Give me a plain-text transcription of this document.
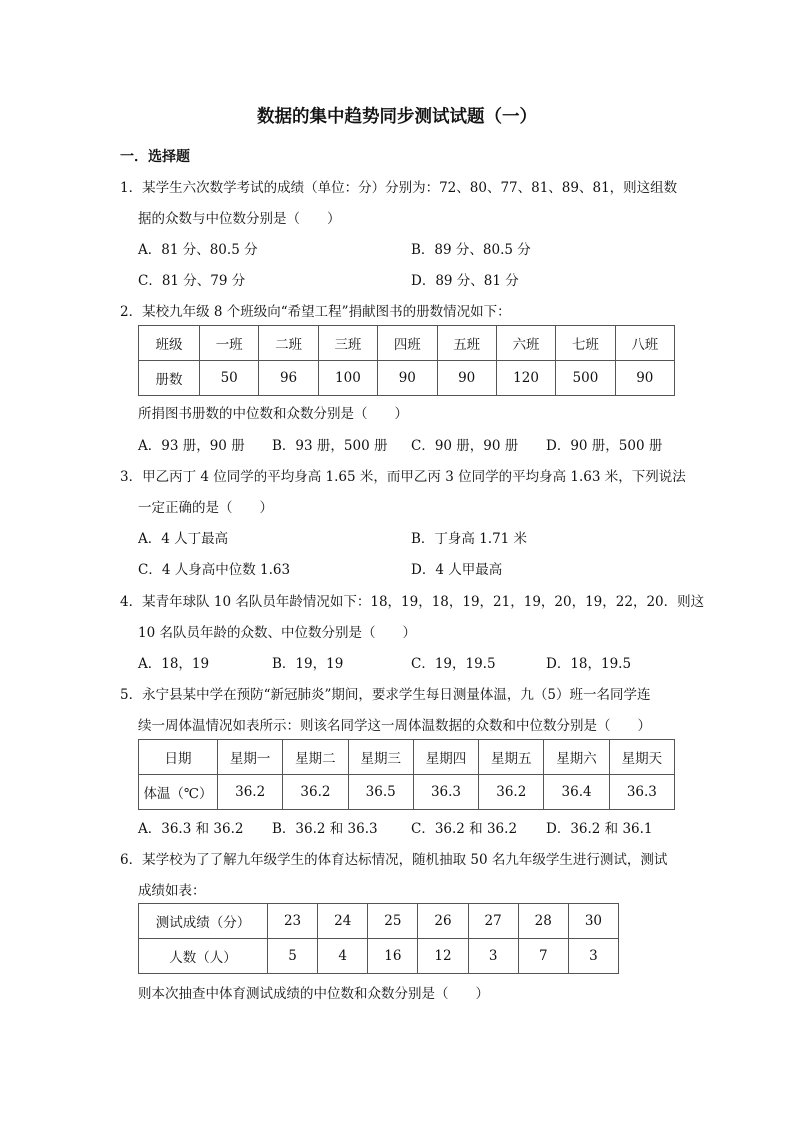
数据的集中趋势同步测试试题（一）
一．选择题
1．某学生六次数学考试的成绩（单位：分）分别为：72、80、77、81、89、81，则这组数
据的众数与中位数分别是（　　）
A．81 分、80.5 分	B．89 分、80.5 分
C．81 分、79 分	D．89 分、81 分
2．某校九年级 8 个班级向“希望工程”捐献图书的册数情况如下：
班级	一班	二班	三班	四班	五班	六班	七班	八班
册数	50	96	100	90	90	120	500	90
所捐图书册数的中位数和众数分别是（　　）
A．93 册，90 册 B．93 册，500 册 C．90 册，90 册 D．90 册，500 册
3．甲乙丙丁 4 位同学的平均身高 1.65 米，而甲乙丙 3 位同学的平均身高 1.63 米，下列说法
一定正确的是（　　）
A．4 人丁最高	B．丁身高 1.71 米
C．4 人身高中位数 1.63	D．4 人甲最高
4．某青年球队 10 名队员年龄情况如下：18，19，18，19，21，19，20，19，22，20．则这
10 名队员年龄的众数、中位数分别是（　　）
A．18，19	B．19，19	C．19，19.5	D．18，19.5
5．永宁县某中学在预防“新冠肺炎”期间，要求学生每日测量体温，九（5）班一名同学连
续一周体温情况如表所示：则该名同学这一周体温数据的众数和中位数分别是（　　）
日期	星期一	星期二	星期三	星期四	星期五	星期六	星期天
体温（℃）	36.2	36.2	36.5	36.3	36.2	36.4	36.3
A．36.3 和 36.2 B．36.2 和 36.3 C．36.2 和 36.2 D．36.2 和 36.1
6．某学校为了了解九年级学生的体育达标情况，随机抽取 50 名九年级学生进行测试，测试
成绩如表：
测试成绩（分）	23	24	25	26	27	28	30
人数（人）	5	4	16	12	3	7	3
则本次抽查中体育测试成绩的中位数和众数分别是（　　）
